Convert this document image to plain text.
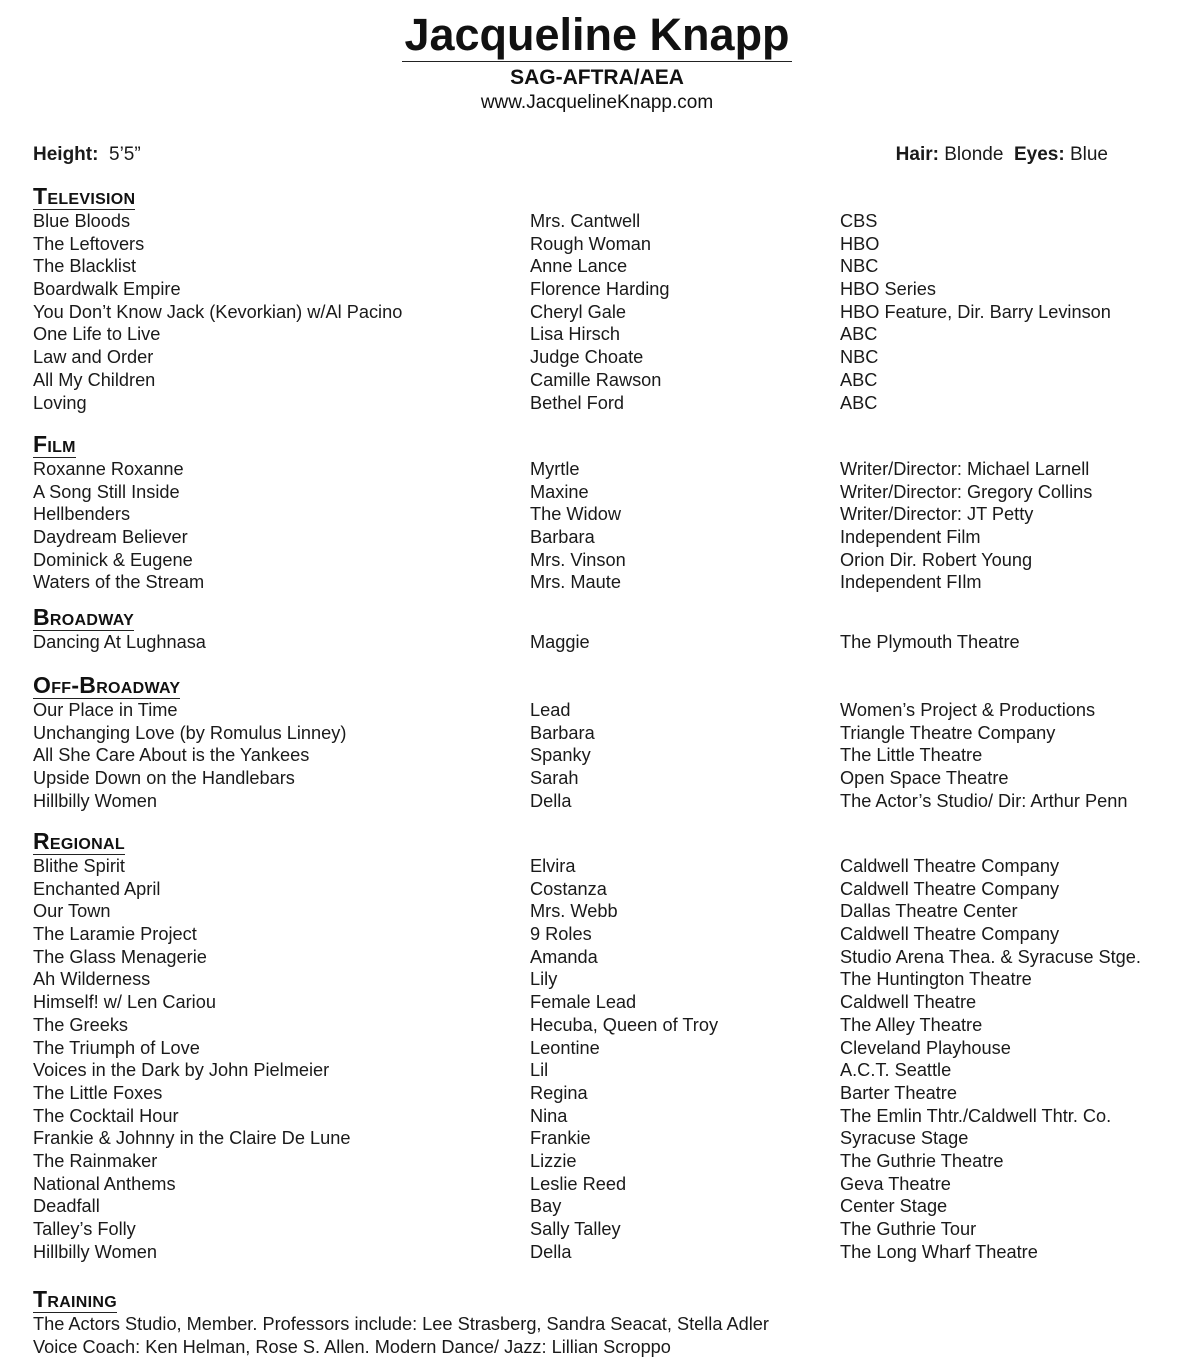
Jacqueline Knapp
SAG-AFTRA/AEA
www.JacquelineKnapp.com
Height: 5’5”	Hair: Blonde Eyes: Blue
Television
Blue Bloods	Mrs. Cantwell	CBS
The Leftovers	Rough Woman	HBO
The Blacklist	Anne Lance	NBC
Boardwalk Empire	Florence Harding	HBO Series
You Don’t Know Jack (Kevorkian) w/Al Pacino	Cheryl Gale	HBO Feature, Dir. Barry Levinson
One Life to Live	Lisa Hirsch	ABC
Law and Order	Judge Choate	NBC
All My Children	Camille Rawson	ABC
Loving	Bethel Ford	ABC
Film
Roxanne Roxanne	Myrtle	Writer/Director: Michael Larnell
A Song Still Inside	Maxine	Writer/Director: Gregory Collins
Hellbenders	The Widow	Writer/Director: JT Petty
Daydream Believer	Barbara	Independent Film
Dominick & Eugene	Mrs. Vinson	Orion Dir. Robert Young
Waters of the Stream	Mrs. Maute	Independent FIlm
Broadway
Dancing At Lughnasa	Maggie	The Plymouth Theatre
Off-Broadway
Our Place in Time	Lead	Women’s Project & Productions
Unchanging Love (by Romulus Linney)	Barbara	Triangle Theatre Company
All She Care About is the Yankees	Spanky	The Little Theatre
Upside Down on the Handlebars	Sarah	Open Space Theatre
Hillbilly Women	Della	The Actor’s Studio/ Dir: Arthur Penn
Regional
Blithe Spirit	Elvira	Caldwell Theatre Company
Enchanted April	Costanza	Caldwell Theatre Company
Our Town	Mrs. Webb	Dallas Theatre Center
The Laramie Project	9 Roles	Caldwell Theatre Company
The Glass Menagerie	Amanda	Studio Arena Thea. & Syracuse Stge.
Ah Wilderness	Lily	The Huntington Theatre
Himself! w/ Len Cariou	Female Lead	Caldwell Theatre
The Greeks	Hecuba, Queen of Troy	The Alley Theatre
The Triumph of Love	Leontine	Cleveland Playhouse
Voices in the Dark by John Pielmeier	Lil	A.C.T. Seattle
The Little Foxes	Regina	Barter Theatre
The Cocktail Hour	Nina	The Emlin Thtr./Caldwell Thtr. Co.
Frankie & Johnny in the Claire De Lune	Frankie	Syracuse Stage
The Rainmaker	Lizzie	The Guthrie Theatre
National Anthems	Leslie Reed	Geva Theatre
Deadfall	Bay	Center Stage
Talley’s Folly	Sally Talley	The Guthrie Tour
Hillbilly Women	Della	The Long Wharf Theatre
Training
The Actors Studio, Member. Professors include: Lee Strasberg, Sandra Seacat, Stella Adler
Voice Coach: Ken Helman, Rose S. Allen. Modern Dance/ Jazz: Lillian Scroppo
